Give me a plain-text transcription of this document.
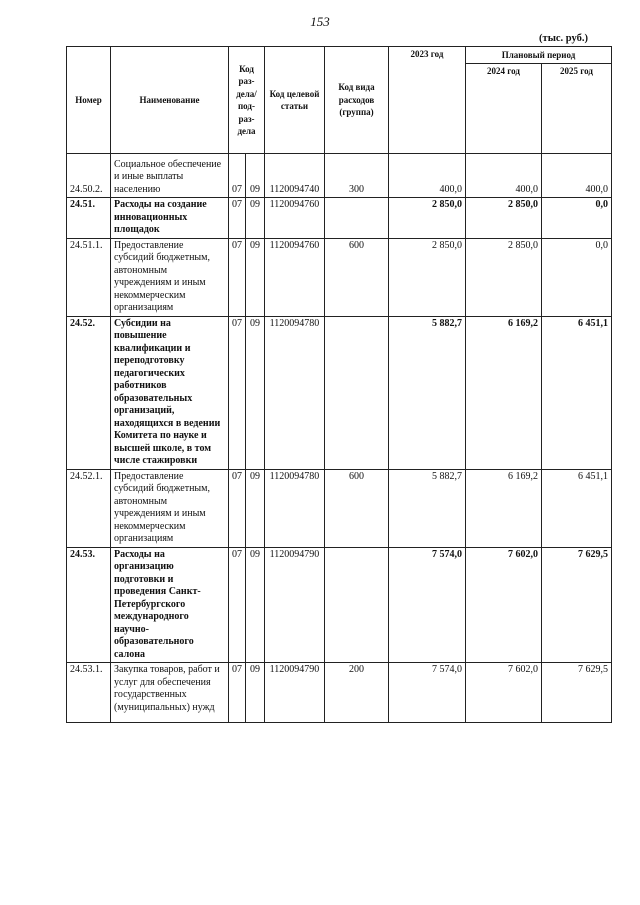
153
(тыс. руб.)
Номер	Наименование	Код раз-дела/ под-раз-дела		Код целевой статьи	Код вида расходов (группа)	2023 год	Плановый период	

							2024 год	2025 год

24.50.2.	Социальное обеспечение и иные выплаты населению	07	09	1120094740	300	400,0	400,0	400,0
24.51.	Расходы на создание инновационных площадок	07	09	1120094760		2 850,0	2 850,0	0,0
24.51.1.	Предоставление субсидий бюджетным, автономным учреждениям и иным некоммерческим организациям	07	09	1120094760	600	2 850,0	2 850,0	0,0
24.52.	Субсидии на повышение квалификации и переподготовку педагогических работников образовательных организаций, находящихся в ведении Комитета по науке и высшей школе, в том числе стажировки	07	09	1120094780		5 882,7	6 169,2	6 451,1
24.52.1.	Предоставление субсидий бюджетным, автономным учреждениям и иным некоммерческим организациям	07	09	1120094780	600	5 882,7	6 169,2	6 451,1
24.53.	Расходы на организацию подготовки и проведения Санкт-Петербургского международного научно-образовательного салона	07	09	1120094790		7 574,0	7 602,0	7 629,5
24.53.1.	Закупка товаров, работ и услуг для обеспечения государственных (муниципальных) нужд	07	09	1120094790	200	7 574,0	7 602,0	7 629,5
